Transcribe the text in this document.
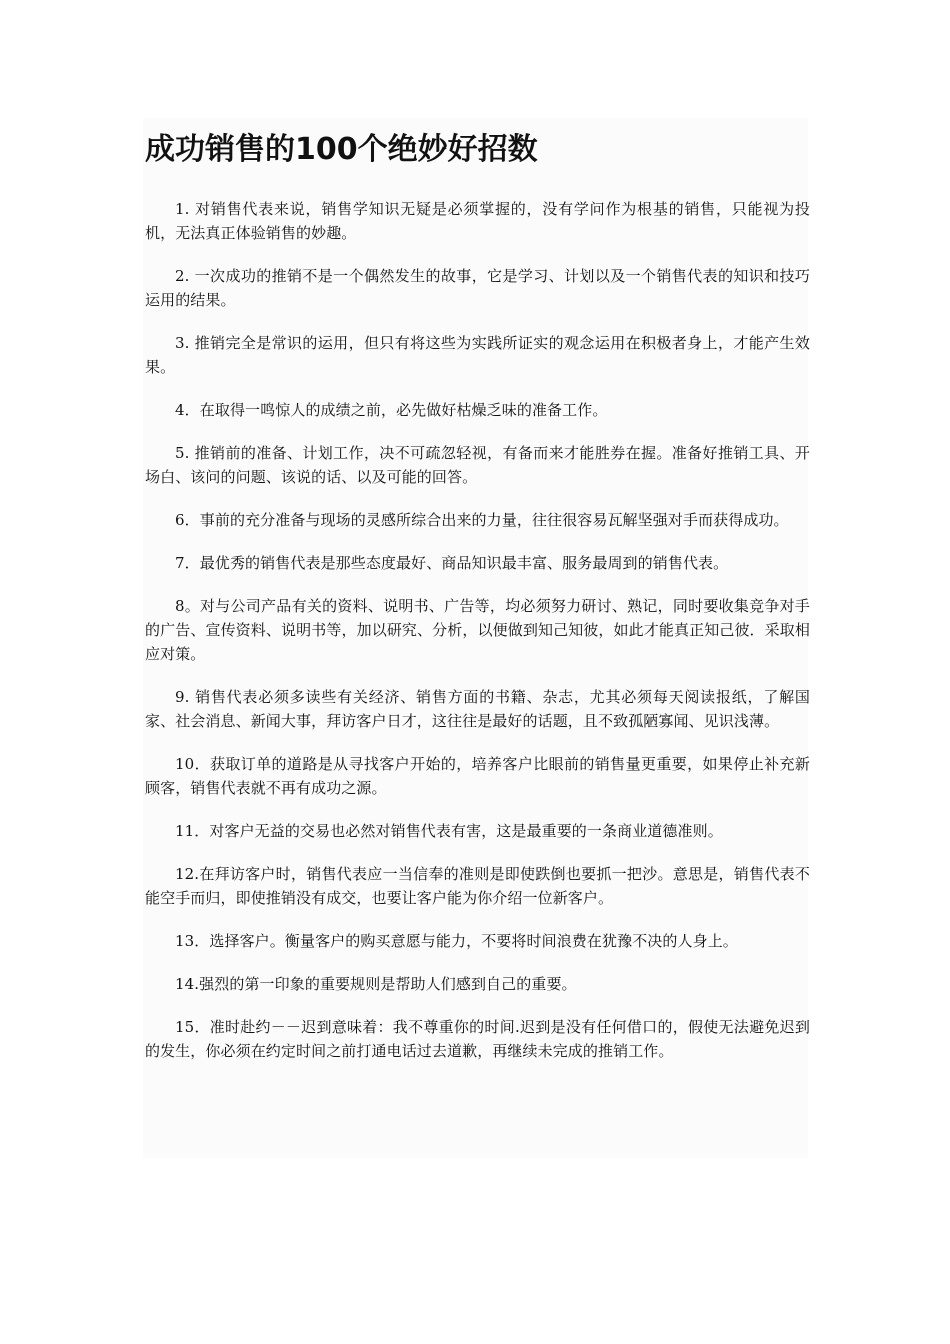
成功销售的100个绝妙好招数

1. 对销售代表来说，销售学知识无疑是必须掌握的，没有学问作为根基的销售，只能视为投机，无法真正体验销售的妙趣。

2. 一次成功的推销不是一个偶然发生的故事，它是学习、计划以及一个销售代表的知识和技巧运用的结果。

3. 推销完全是常识的运用，但只有将这些为实践所证实的观念运用在积极者身上，才能产生效果。

4．在取得一鸣惊人的成绩之前，必先做好枯燥乏味的准备工作。

5. 推销前的准备、计划工作，决不可疏忽轻视，有备而来才能胜券在握。准备好推销工具、开场白、该问的问题、该说的话、以及可能的回答。

6．事前的充分准备与现场的灵感所综合出来的力量，往往很容易瓦解坚强对手而获得成功。

7．最优秀的销售代表是那些态度最好、商品知识最丰富、服务最周到的销售代表。

8。对与公司产品有关的资料、说明书、广告等，均必须努力研讨、熟记，同时要收集竞争对手的广告、宣传资料、说明书等，加以研究、分析，以便做到知己知彼，如此才能真正知己彼．采取相应对策。

9. 销售代表必须多读些有关经济、销售方面的书籍、杂志，尤其必须每天阅读报纸，了解国家、社会消息、新闻大事，拜访客户日才，这往往是最好的话题，且不致孤陋寡闻、见识浅薄。

10．获取订单的道路是从寻找客户开始的，培养客户比眼前的销售量更重要，如果停止补充新顾客，销售代表就不再有成功之源。

11．对客户无益的交易也必然对销售代表有害，这是最重要的一条商业道德准则。

12.在拜访客户时，销售代表应一当信奉的准则是即使跌倒也要抓一把沙。意思是，销售代表不能空手而归，即使推销没有成交，也要让客户能为你介绍一位新客户。

13．选择客户。衡量客户的购买意愿与能力，不要将时间浪费在犹豫不决的人身上。

14.强烈的第一印象的重要规则是帮助人们感到自己的重要。

15．准时赴约－－迟到意味着：我不尊重你的时间.迟到是没有任何借口的，假使无法避免迟到的发生，你必须在约定时间之前打通电话过去道歉，再继续未完成的推销工作。
